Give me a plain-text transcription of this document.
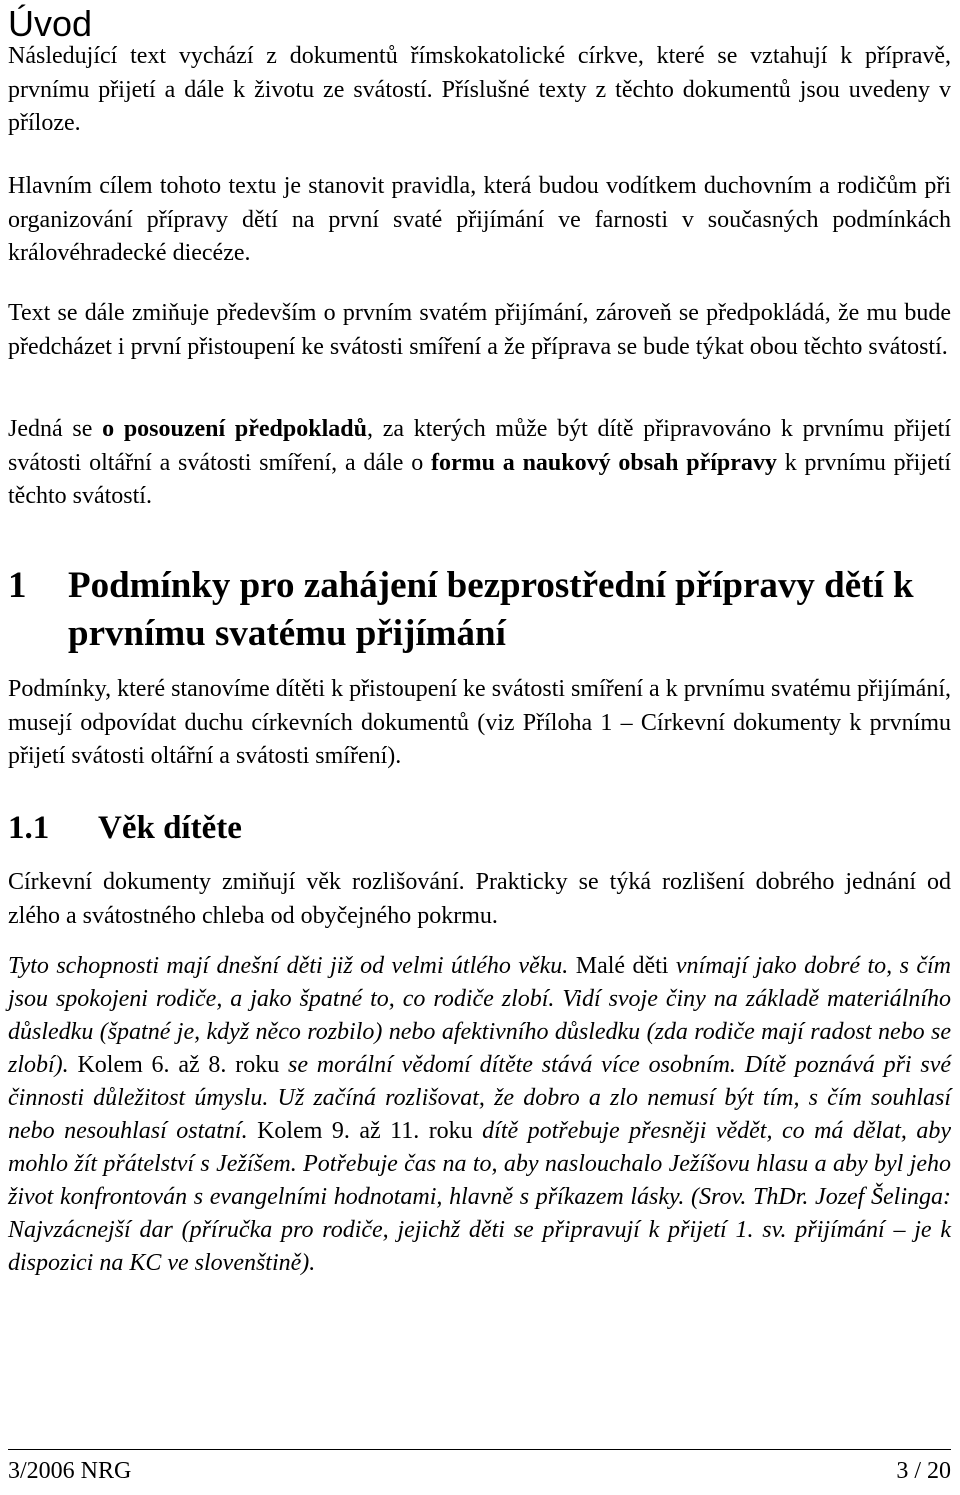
Úvod

Následující text vychází z dokumentů římskokatolické církve, které se vztahují k přípravě, prvnímu přijetí a dále k životu ze svátostí. Příslušné texty z těchto dokumentů jsou uvedeny v příloze.

Hlavním cílem tohoto textu je stanovit pravidla, která budou vodítkem duchovním a rodičům při organizování přípravy dětí na první svaté přijímání ve farnosti v současných podmínkách královéhradecké diecéze.

Text se dále zmiňuje především o prvním svatém přijímání, zároveň se předpokládá, že mu bude předcházet i první přistoupení ke svátosti smíření a že příprava se bude týkat obou těchto svátostí.

Jedná se o posouzení předpokladů, za kterých může být dítě připravováno k prvnímu přijetí svátosti oltářní a svátosti smíření, a dále o formu a naukový obsah přípravy k prvnímu přijetí těchto svátostí.

1 Podmínky pro zahájení bezprostřední přípravy dětí k prvnímu svatému přijímání

Podmínky, které stanovíme dítěti k přistoupení ke svátosti smíření a k prvnímu svatému přijímání, musejí odpovídat duchu církevních dokumentů (viz Příloha 1 – Církevní dokumenty k prvnímu přijetí svátosti oltářní a svátosti smíření).

1.1 Věk dítěte

Církevní dokumenty zmiňují věk rozlišování. Prakticky se týká rozlišení dobrého jednání od zlého a svátostného chleba od obyčejného pokrmu.

Tyto schopnosti mají dnešní děti již od velmi útlého věku. Malé děti vnímají jako dobré to, s čím jsou spokojeni rodiče, a jako špatné to, co rodiče zlobí. Vidí svoje činy na základě materiálního důsledku (špatné je, když něco rozbilo) nebo afektivního důsledku (zda rodiče mají radost nebo se zlobí). Kolem 6. až 8. roku se morální vědomí dítěte stává více osobním. Dítě poznává při své činnosti důležitost úmyslu. Už začíná rozlišovat, že dobro a zlo nemusí být tím, s čím souhlasí nebo nesouhlasí ostatní. Kolem 9. až 11. roku dítě potřebuje přesněji vědět, co má dělat, aby mohlo žít přátelství s Ježíšem. Potřebuje čas na to, aby naslouchalo Ježíšovu hlasu a aby byl jeho život konfrontován s evangelními hodnotami, hlavně s příkazem lásky. (Srov. ThDr. Jozef Šelinga: Najvzácnejší dar (příručka pro rodiče, jejichž děti se připravují k přijetí 1. sv. přijímání – je k dispozici na KC ve slovenštině).

3/2006 NRG	3 / 20
